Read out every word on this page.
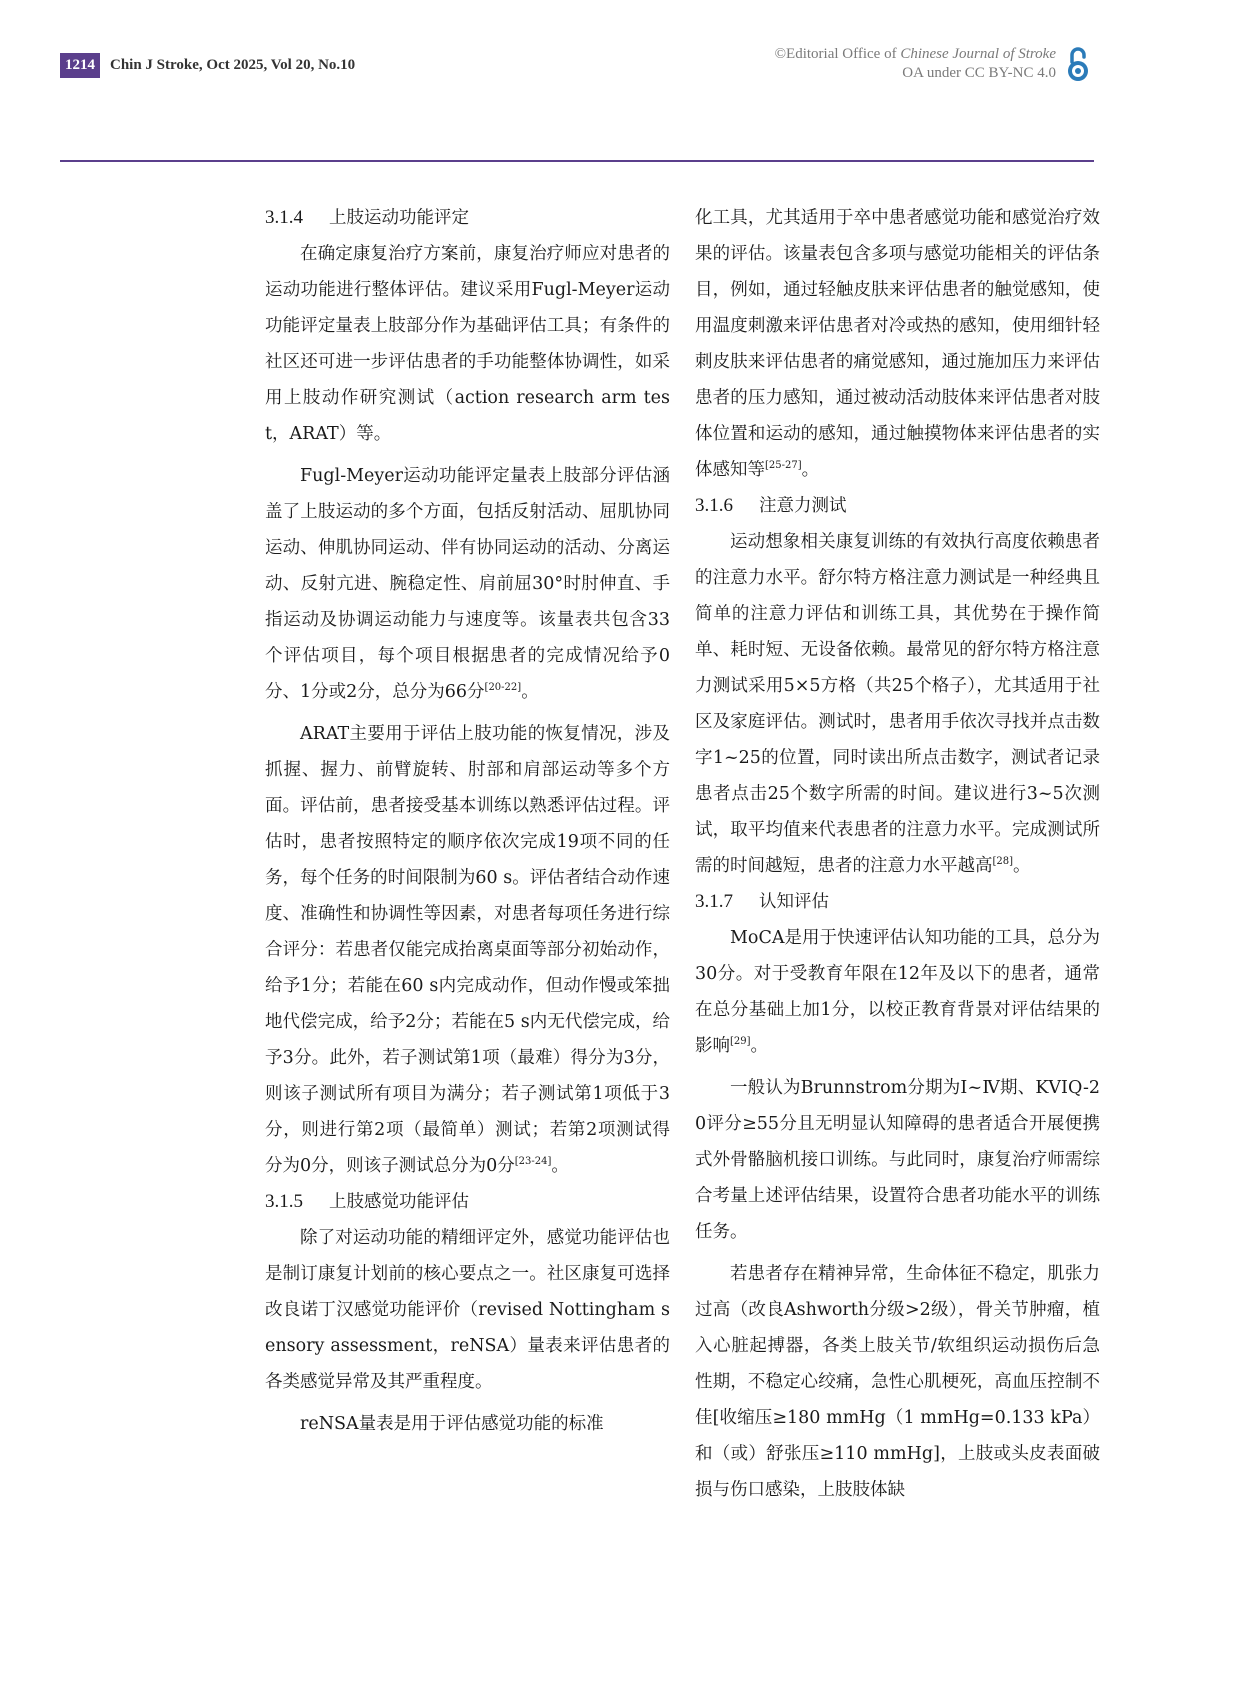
1214	Chin J Stroke, Oct 2025, Vol 20, No.10
©Editorial Office of Chinese Journal of Stroke
OA under CC BY-NC 4.0
3.1.4 上肢运动功能评定

在确定康复治疗方案前，康复治疗师应对患者的运动功能进行整体评估。建议采用Fugl-Meyer运动功能评定量表上肢部分作为基础评估工具；有条件的社区还可进一步评估患者的手功能整体协调性，如采用上肢动作研究测试（action research arm test，ARAT）等。

Fugl-Meyer运动功能评定量表上肢部分评估涵盖了上肢运动的多个方面，包括反射活动、屈肌协同运动、伸肌协同运动、伴有协同运动的活动、分离运动、反射亢进、腕稳定性、肩前屈30°时肘伸直、手指运动及协调运动能力与速度等。该量表共包含33个评估项目，每个项目根据患者的完成情况给予0分、1分或2分，总分为66分[20-22]。

ARAT主要用于评估上肢功能的恢复情况，涉及抓握、握力、前臂旋转、肘部和肩部运动等多个方面。评估前，患者接受基本训练以熟悉评估过程。评估时，患者按照特定的顺序依次完成19项不同的任务，每个任务的时间限制为60 s。评估者结合动作速度、准确性和协调性等因素，对患者每项任务进行综合评分：若患者仅能完成抬离桌面等部分初始动作，给予1分；若能在60 s内完成动作，但动作慢或笨拙地代偿完成，给予2分；若能在5 s内无代偿完成，给予3分。此外，若子测试第1项（最难）得分为3分，则该子测试所有项目为满分；若子测试第1项低于3分，则进行第2项（最简单）测试；若第2项测试得分为0分，则该子测试总分为0分[23-24]。

3.1.5 上肢感觉功能评估

除了对运动功能的精细评定外，感觉功能评估也是制订康复计划前的核心要点之一。社区康复可选择改良诺丁汉感觉功能评价（revised Nottingham sensory assessment，reNSA）量表来评估患者的各类感觉异常及其严重程度。

reNSA量表是用于评估感觉功能的标准

化工具，尤其适用于卒中患者感觉功能和感觉治疗效果的评估。该量表包含多项与感觉功能相关的评估条目，例如，通过轻触皮肤来评估患者的触觉感知，使用温度刺激来评估患者对冷或热的感知，使用细针轻刺皮肤来评估患者的痛觉感知，通过施加压力来评估患者的压力感知，通过被动活动肢体来评估患者对肢体位置和运动的感知，通过触摸物体来评估患者的实体感知等[25-27]。

3.1.6 注意力测试

运动想象相关康复训练的有效执行高度依赖患者的注意力水平。舒尔特方格注意力测试是一种经典且简单的注意力评估和训练工具，其优势在于操作简单、耗时短、无设备依赖。最常见的舒尔特方格注意力测试采用5×5方格（共25个格子），尤其适用于社区及家庭评估。测试时，患者用手依次寻找并点击数字1~25的位置，同时读出所点击数字，测试者记录患者点击25个数字所需的时间。建议进行3~5次测试，取平均值来代表患者的注意力水平。完成测试所需的时间越短，患者的注意力水平越高[28]。

3.1.7 认知评估

MoCA是用于快速评估认知功能的工具，总分为30分。对于受教育年限在12年及以下的患者，通常在总分基础上加1分，以校正教育背景对评估结果的影响[29]。

一般认为Brunnstrom分期为Ⅰ~Ⅳ期、KVIQ-20评分≥55分且无明显认知障碍的患者适合开展便携式外骨骼脑机接口训练。与此同时，康复治疗师需综合考量上述评估结果，设置符合患者功能水平的训练任务。

若患者存在精神异常，生命体征不稳定，肌张力过高（改良Ashworth分级>2级），骨关节肿瘤，植入心脏起搏器，各类上肢关节/软组织运动损伤后急性期，不稳定心绞痛，急性心肌梗死，高血压控制不佳[收缩压≥180 mmHg（1 mmHg=0.133 kPa）和（或）舒张压≥110 mmHg]，上肢或头皮表面破损与伤口感染，上肢肢体缺
